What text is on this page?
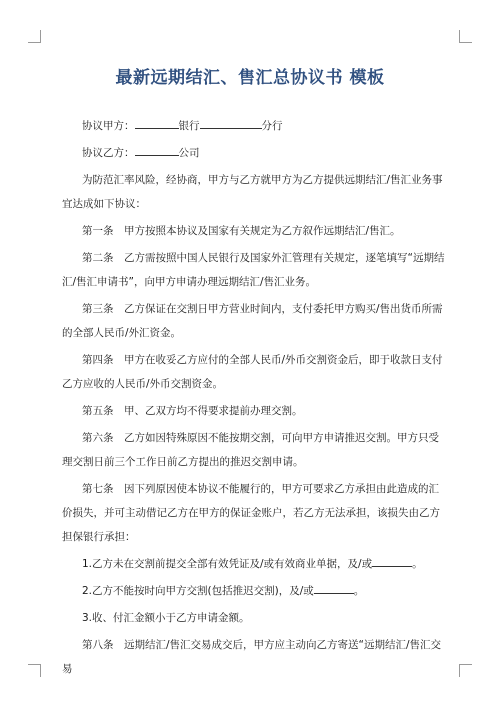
最新远期结汇、售汇总协议书 模板

协议甲方：	银行	分行

协议乙方：	公司

为防范汇率风险，经协商，甲方与乙方就甲方为乙方提供远期结汇/售汇业务事宜达成如下协议：

第一条　甲方按照本协议及国家有关规定为乙方叙作远期结汇/售汇。

第二条　乙方需按照中国人民银行及国家外汇管理有关规定，逐笔填写“远期结汇/售汇申请书”，向甲方申请办理远期结汇/售汇业务。

第三条　乙方保证在交割日甲方营业时间内，支付委托甲方购买/售出货币所需的全部人民币/外汇资金。

第四条　甲方在收妥乙方应付的全部人民币/外币交割资金后，即于收款日支付乙方应收的人民币/外币交割资金。

第五条　甲、乙双方均不得要求提前办理交割。

第六条　乙方如因特殊原因不能按期交割，可向甲方申请推迟交割。甲方只受理交割日前三个工作日前乙方提出的推迟交割申请。

第七条　因下列原因使本协议不能履行的，甲方可要求乙方承担由此造成的汇价损失，并可主动借记乙方在甲方的保证金账户，若乙方无法承担，该损失由乙方担保银行承担：

1.乙方未在交割前提交全部有效凭证及/或有效商业单据，及/或	。

2.乙方不能按时向甲方交割(包括推迟交割)，及/或	。

3.收、付汇金额小于乙方申请金额。

第八条　远期结汇/售汇交易成交后，甲方应主动向乙方寄送“远期结汇/售汇交易
